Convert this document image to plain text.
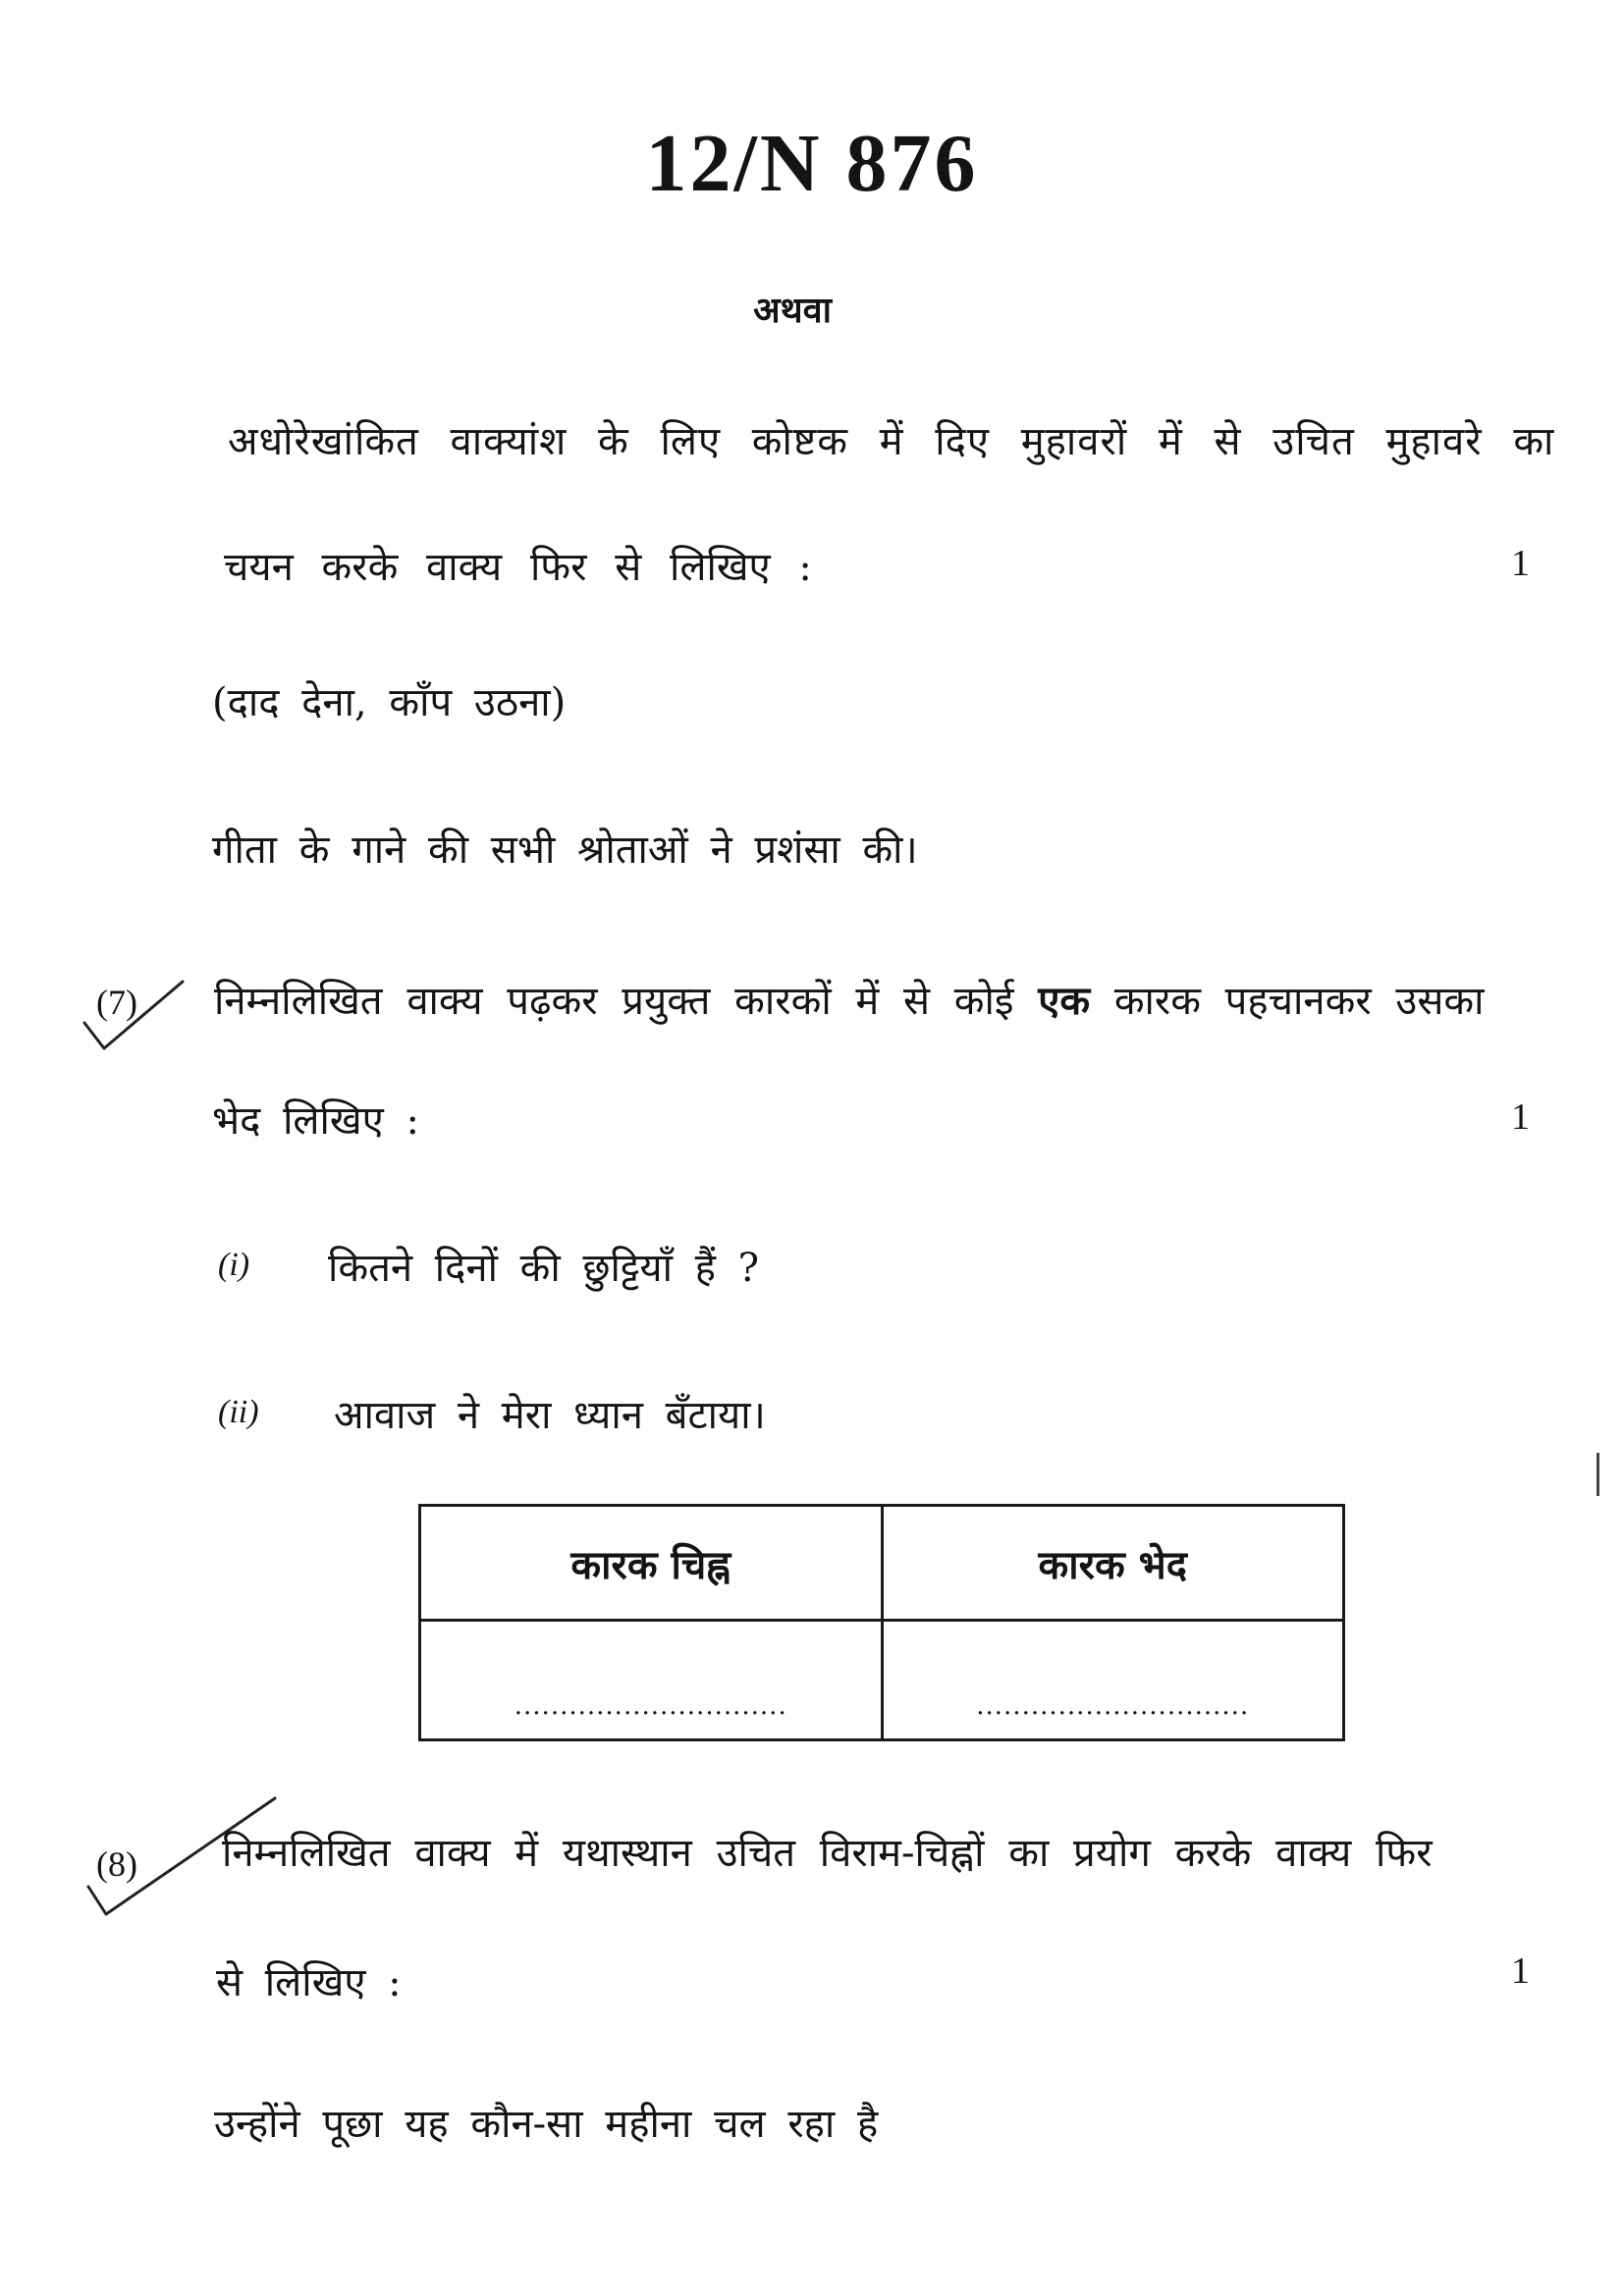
12/N 876
अथवा
अधोरेखांकित वाक्यांश के लिए कोष्टक में दिए मुहावरों में से उचित मुहावरे का
चयन करके वाक्य फिर से लिखिए :	1
(दाद देना, काँप उठना)
गीता के गाने की सभी श्रोताओं ने प्रशंसा की।
(7) निम्नलिखित वाक्य पढ़कर प्रयुक्त कारकों में से कोई एक कारक पहचानकर उसका
भेद लिखिए :	1
(i) कितने दिनों की छुट्टियाँ हैं ?
(ii) आवाज ने मेरा ध्यान बँटाया।
कारक चिह्न	कारक भेद
..............................	..............................
(8) निम्नलिखित वाक्य में यथास्थान उचित विराम-चिह्नों का प्रयोग करके वाक्य फिर
से लिखिए :	1
उन्होंने पूछा यह कौन-सा महीना चल रहा है
